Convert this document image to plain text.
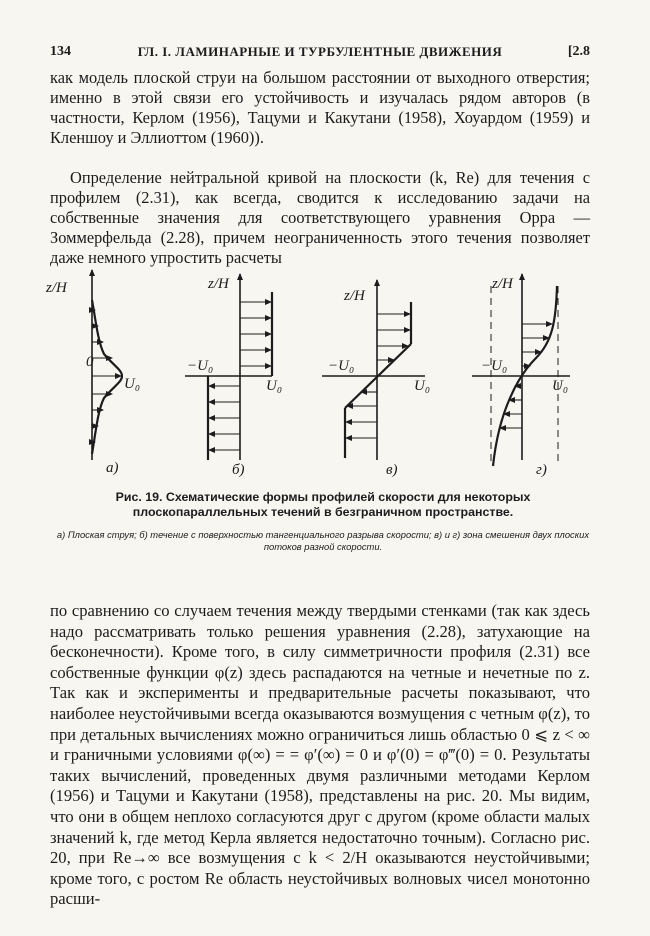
134	ГЛ. I. ЛАМИНАРНЫЕ И ТУРБУЛЕНТНЫЕ ДВИЖЕНИЯ	[2.8

как модель плоской струи на большом расстоянии от выходного отверстия; именно в этой связи его устойчивость и изучалась рядом авторов (в частности, Керлом (1956), Тацуми и Какутани (1958), Хоуардом (1959) и Кленшоу и Эллиоттом (1960)).

Определение нейтральной кривой на плоскости (k, Re) для течения с профилем (2.31), как всегда, сводится к исследованию задачи на собственные значения для соответствующего уравнения Орра — Зоммерфельда (2.28), причем неограниченность этого течения позволяет даже немного упростить расчеты

z/H
0
U₀
а)
z/H
−U₀
U₀
б)
z/H
−U₀
U₀
в)
z/H
−U₀
U₀
г)
Рис. 19. Схематические формы профилей скорости для некоторых плоскопараллельных течений в безграничном пространстве.
а) Плоская струя; б) течение с поверхностью тангенциального разрыва скорости; в) и г) зона смешения двух плоских потоков разной скорости.

по сравнению со случаем течения между твердыми стенками (так как здесь надо рассматривать только решения уравнения (2.28), затухающие на бесконечности). Кроме того, в силу симметричности профиля (2.31) все собственные функции φ(z) здесь распадаются на четные и нечетные по z. Так как и эксперименты и предварительные расчеты показывают, что наиболее неустойчивыми всегда оказываются возмущения с четным φ(z), то при детальных вычислениях можно ограничиться лишь областью 0 ⩽ z < ∞ и граничными условиями φ(∞) = = φ′(∞) = 0 и φ′(0) = φ‴(0) = 0. Результаты таких вычислений, проведенных двумя различными методами Керлом (1956) и Тацуми и Какутани (1958), представлены на рис. 20. Мы видим, что они в общем неплохо согласуются друг с другом (кроме области малых значений k, где метод Керла является недостаточно точным). Согласно рис. 20, при Re→∞ все возмущения с k < 2/H оказываются неустойчивыми; кроме того, с ростом Re область неустойчивых волновых чисел монотонно расши-
